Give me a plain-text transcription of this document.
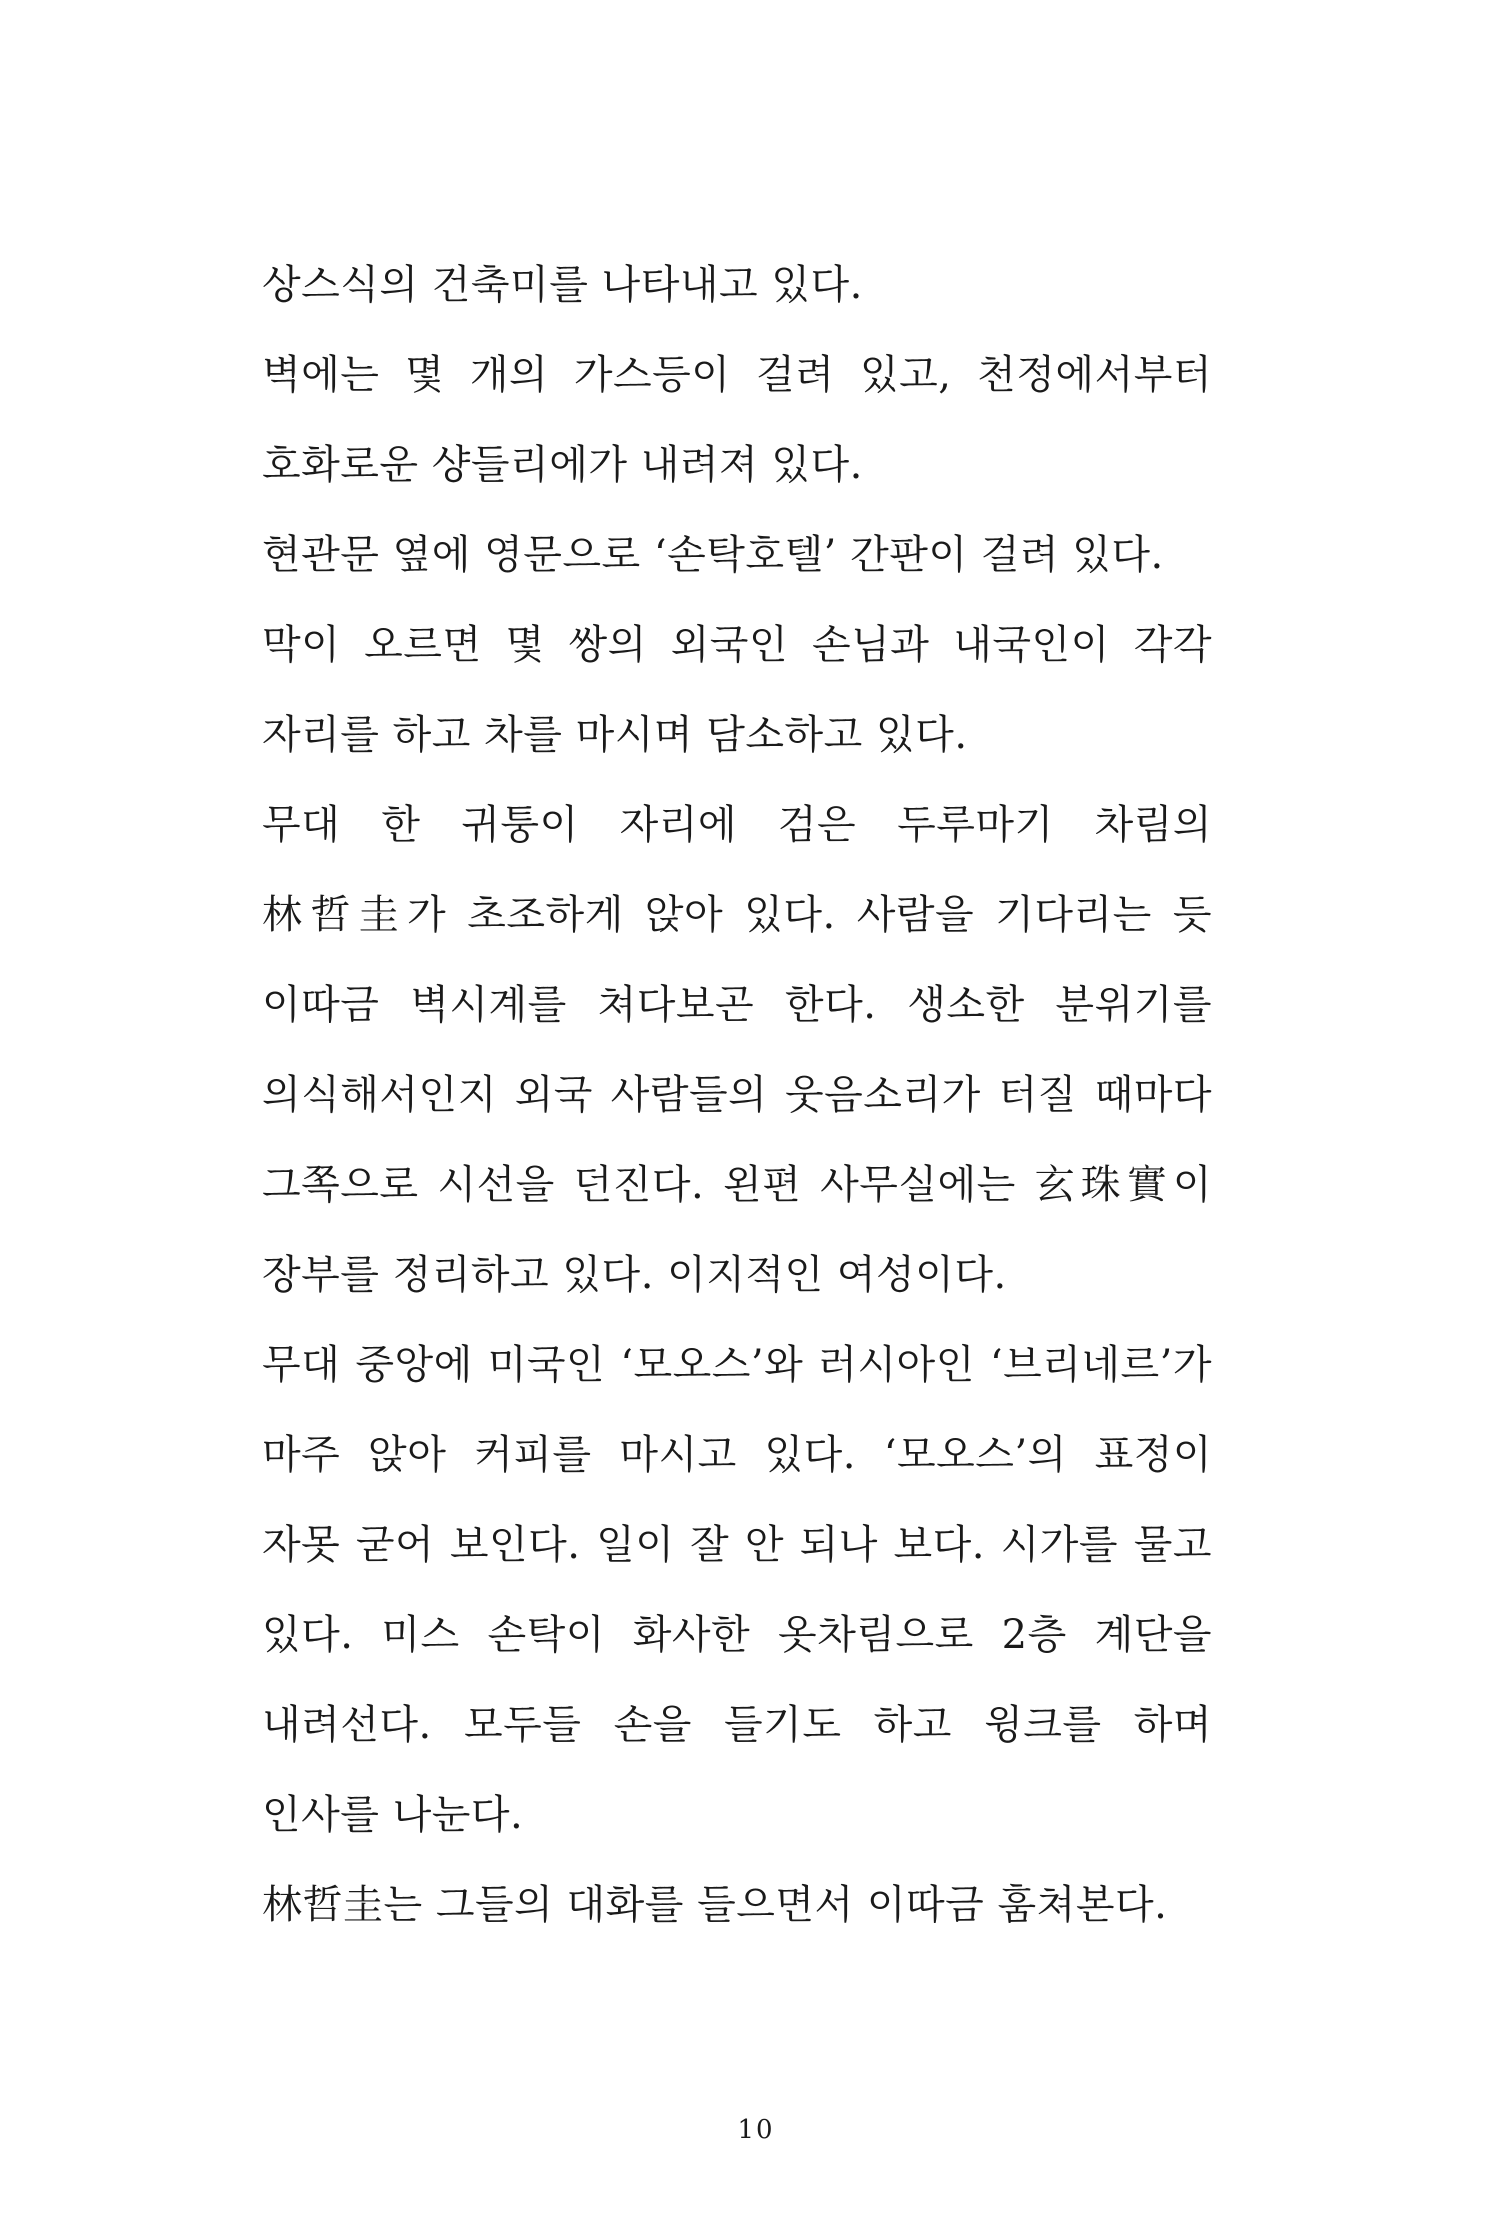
상스식의 건축미를 나타내고 있다.

벽에는 몇 개의 가스등이 걸려 있고, 천정에서부터 호화로운 샹들리에가 내려져 있다.

현관문 옆에 영문으로 ‘손탁호텔’ 간판이 걸려 있다.

막이 오르면 몇 쌍의 외국인 손님과 내국인이 각각 자리를 하고 차를 마시며 담소하고 있다.

무대 한 귀퉁이 자리에 검은 두루마기 차림의 林哲圭가 초조하게 앉아 있다. 사람을 기다리는 듯 이따금 벽시계를 쳐다보곤 한다. 생소한 분위기를 의식해서인지 외국 사람들의 웃음소리가 터질 때마다 그쪽으로 시선을 던진다. 왼편 사무실에는 玄珠實이 장부를 정리하고 있다. 이지적인 여성이다.

무대 중앙에 미국인 ‘모오스’와 러시아인 ‘브리네르’가 마주 앉아 커피를 마시고 있다. ‘모오스’의 표정이 자못 굳어 보인다. 일이 잘 안 되나 보다. 시가를 물고 있다. 미스 손탁이 화사한 옷차림으로 2층 계단을 내려선다. 모두들 손을 들기도 하고 윙크를 하며 인사를 나눈다.

林哲圭는 그들의 대화를 들으면서 이따금 훔쳐본다.

10
